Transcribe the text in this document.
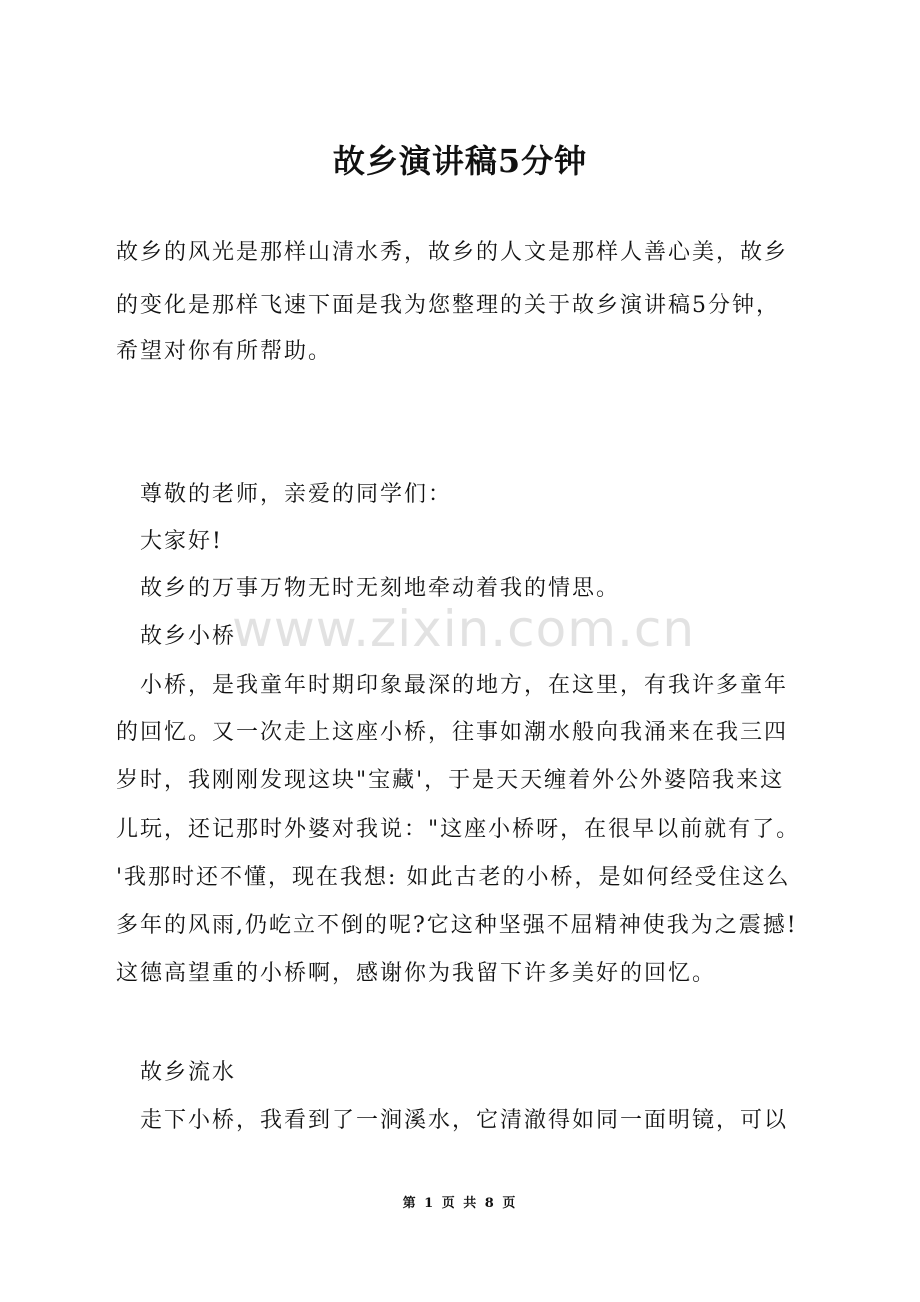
故乡演讲稿5分钟

故乡的风光是那样山清水秀，故乡的人文是那样人善心美，故乡

的变化是那样飞速下面是我为您整理的关于故乡演讲稿5分钟，

希望对你有所帮助。

尊敬的老师，亲爱的同学们：

大家好!

故乡的万事万物无时无刻地牵动着我的情思。

故乡小桥

小桥，是我童年时期印象最深的地方，在这里，有我许多童年

的回忆。又一次走上这座小桥，往事如潮水般向我涌来在我三四

岁时，我刚刚发现这块"宝藏'，于是天天缠着外公外婆陪我来这

儿玩，还记那时外婆对我说："这座小桥呀，在很早以前就有了。

'我那时还不懂，现在我想: 如此古老的小桥，是如何经受住这么

多年的风雨,仍屹立不倒的呢?它这种坚强不屈精神使我为之震撼!

这德高望重的小桥啊，感谢你为我留下许多美好的回忆。

故乡流水

走下小桥，我看到了一涧溪水，它清澈得如同一面明镜，可以

www.zixin.com.cn

第 1 页 共 8 页
